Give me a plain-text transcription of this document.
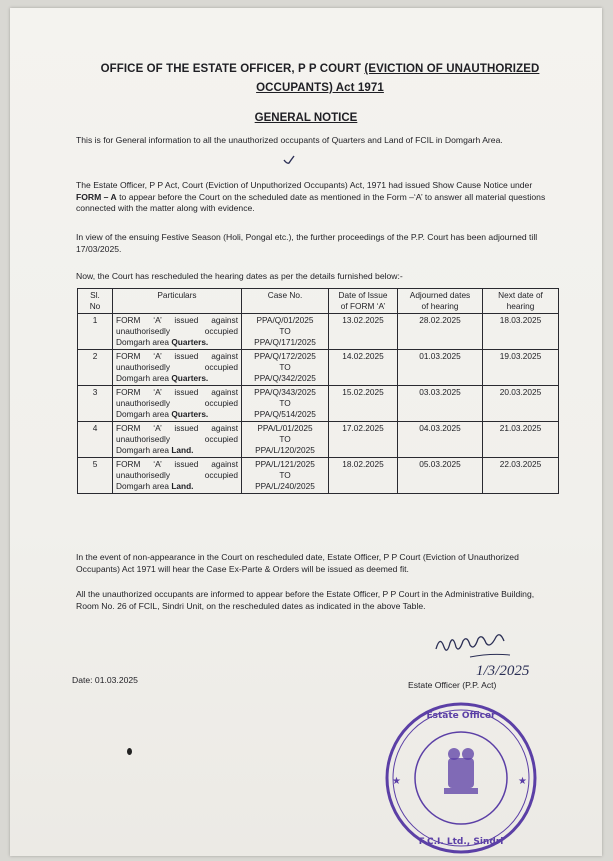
OFFICE OF THE ESTATE OFFICER, P P COURT (EVICTION OF UNAUTHORIZED
OCCUPANTS) Act 1971
GENERAL NOTICE
This is for General information to all the unauthorized occupants of Quarters and Land of FCIL in Domgarh Area.
The Estate Officer, P P Act, Court (Eviction of Unputhorized Occupants) Act, 1971 had issued Show Cause Notice under FORM – A to appear before the Court on the scheduled date as mentioned in the Form –‘A’ to answer all material questions connected with the matter along with evidence.
In view of the ensuing Festive Season (Holi, Pongal etc.), the further proceedings of the P.P. Court has been adjourned till 17/03/2025.
Now, the Court has rescheduled the hearing dates as per the details furnished below:-
Sl.
No	Particulars	Case No.	Date of Issue
of FORM ‘A’	Adjourned dates
of hearing	Next date of
hearing
1	FORM ‘A’ issued against unauthorisedly occupied Domgarh area Quarters.	PPA/Q/01/2025
TO
PPA/Q/171/2025	13.02.2025	28.02.2025	18.03.2025
2	FORM ‘A’ issued against unauthorisedly occupied Domgarh area Quarters.	PPA/Q/172/2025
TO
PPA/Q/342/2025	14.02.2025	01.03.2025	19.03.2025
3	FORM ‘A’ issued against unauthorisedly occupied Domgarh area Quarters.	PPA/Q/343/2025
TO
PPA/Q/514/2025	15.02.2025	03.03.2025	20.03.2025
4	FORM ‘A’ issued against unauthorisedly occupied Domgarh area Land.	PPA/L/01/2025
TO
PPA/L/120/2025	17.02.2025	04.03.2025	21.03.2025
5	FORM ‘A’ issued against unauthorisedly occupied Domgarh area Land.	PPA/L/121/2025
TO
PPA/L/240/2025	18.02.2025	05.03.2025	22.03.2025
In the event of non-appearance in the Court on rescheduled date, Estate Officer, P P Court (Eviction of Unauthorized Occupants) Act 1971 will hear the Case Ex-Parte & Orders will be issued as deemed fit.
All the unauthorized occupants are informed to appear before the Estate Officer, P P Court in the Administrative Building, Room No. 26 of FCIL, Sindri Unit, on the rescheduled dates as indicated in the above Table.
1/3/2025
Date: 01.03.2025	Estate Officer (P.P. Act)
Estate Officer
F.C.I. Ltd., Sindri
★	★
